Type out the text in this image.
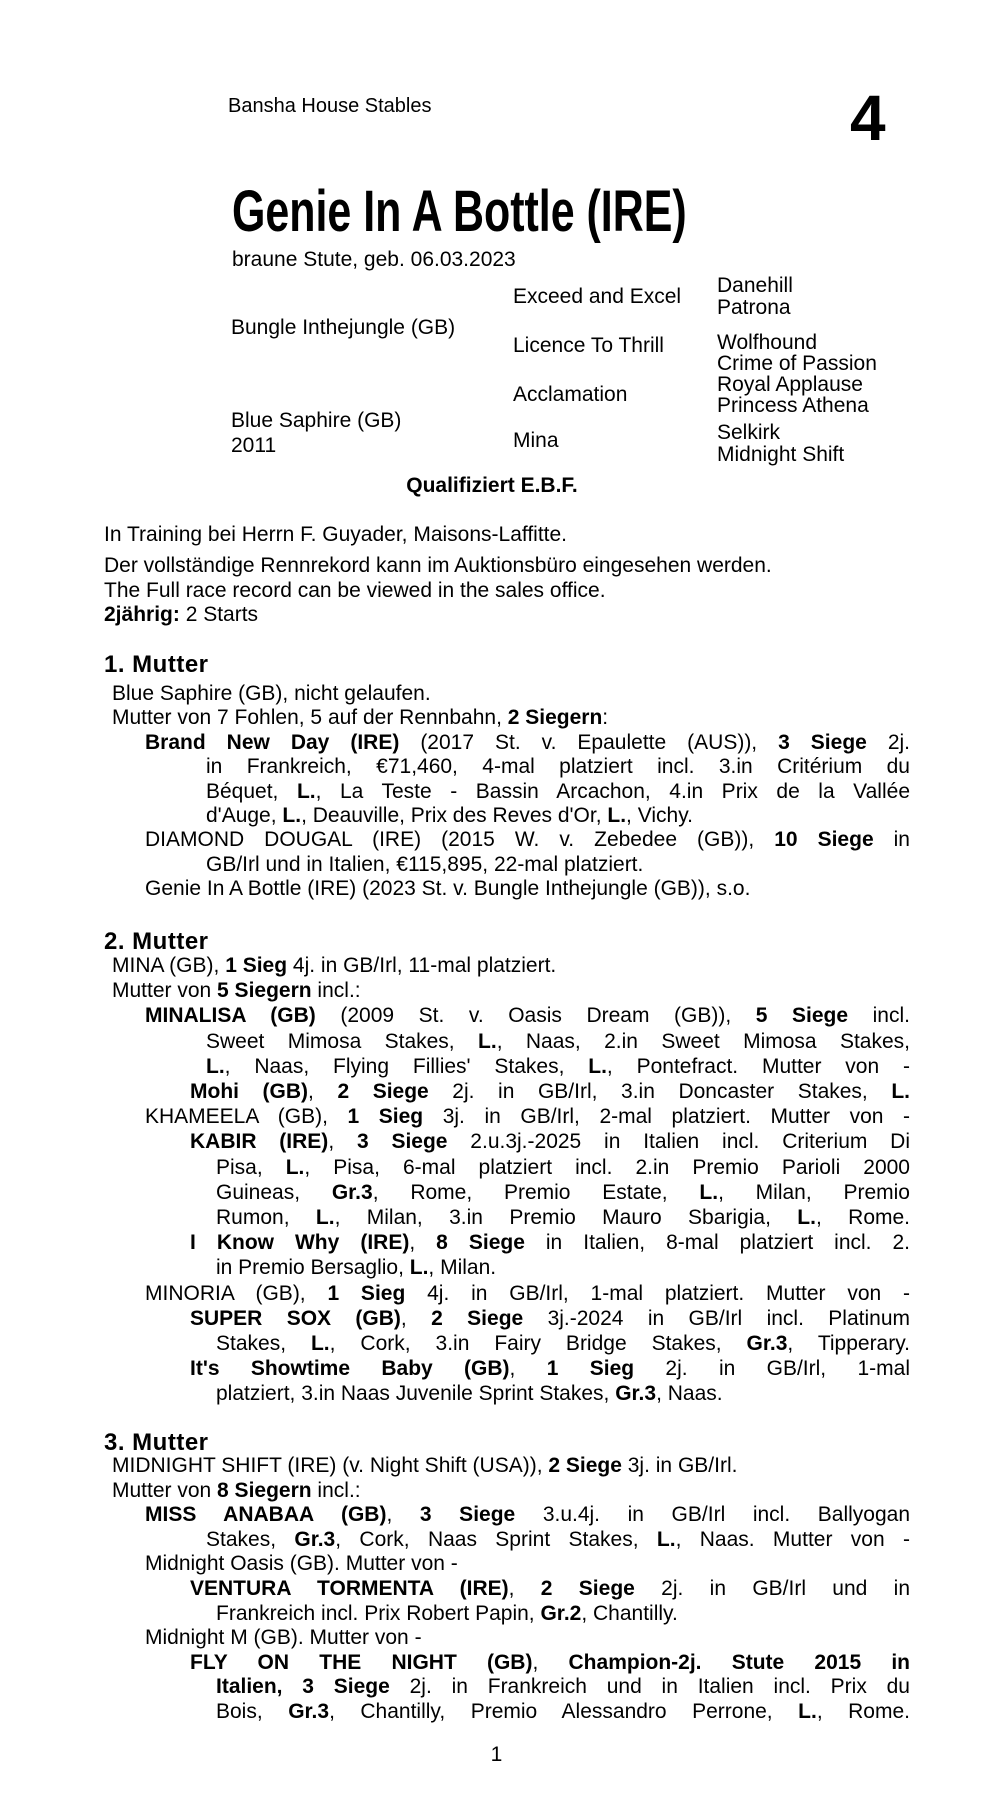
Bansha House Stables	4
Genie In A Bottle (IRE)
braune Stute, geb. 06.03.2023
Bungle Inthejungle (GB)
Blue Saphire (GB)
2011
Exceed and Excel
Licence To Thrill
Acclamation
Mina
Danehill
Patrona
Wolfhound
Crime of Passion
Royal Applause
Princess Athena
Selkirk
Midnight Shift
Qualifiziert E.B.F.
In Training bei Herrn F. Guyader, Maisons-Laffitte.
Der vollständige Rennrekord kann im Auktionsbüro eingesehen werden.
The Full race record can be viewed in the sales office.
2jährig: 2 Starts
1. Mutter
Blue Saphire (GB), nicht gelaufen.
Mutter von 7 Fohlen, 5 auf der Rennbahn, 2 Siegern:
Brand New Day (IRE) (2017 St. v. Epaulette (AUS)), 3 Siege 2j.
in Frankreich, €71,460, 4-mal platziert incl. 3.in Critérium du
Béquet, L., La Teste - Bassin Arcachon, 4.in Prix de la Vallée
d'Auge, L., Deauville, Prix des Reves d'Or, L., Vichy.
DIAMOND DOUGAL (IRE) (2015 W. v. Zebedee (GB)), 10 Siege in
GB/Irl und in Italien, €115,895, 22-mal platziert.
Genie In A Bottle (IRE) (2023 St. v. Bungle Inthejungle (GB)), s.o.
2. Mutter
MINA (GB), 1 Sieg 4j. in GB/Irl, 11-mal platziert.
Mutter von 5 Siegern incl.:
MINALISA (GB) (2009 St. v. Oasis Dream (GB)), 5 Siege incl.
Sweet Mimosa Stakes, L., Naas, 2.in Sweet Mimosa Stakes,
L., Naas, Flying Fillies' Stakes, L., Pontefract. Mutter von -
Mohi (GB), 2 Siege 2j. in GB/Irl, 3.in Doncaster Stakes, L.
KHAMEELA (GB), 1 Sieg 3j. in GB/Irl, 2-mal platziert. Mutter von -
KABIR (IRE), 3 Siege 2.u.3j.-2025 in Italien incl. Criterium Di
Pisa, L., Pisa, 6-mal platziert incl. 2.in Premio Parioli 2000
Guineas, Gr.3, Rome, Premio Estate, L., Milan, Premio
Rumon, L., Milan, 3.in Premio Mauro Sbarigia, L., Rome.
I Know Why (IRE), 8 Siege in Italien, 8-mal platziert incl. 2.
in Premio Bersaglio, L., Milan.
MINORIA (GB), 1 Sieg 4j. in GB/Irl, 1-mal platziert. Mutter von -
SUPER SOX (GB), 2 Siege 3j.-2024 in GB/Irl incl. Platinum
Stakes, L., Cork, 3.in Fairy Bridge Stakes, Gr.3, Tipperary.
It's Showtime Baby (GB), 1 Sieg 2j. in GB/Irl, 1-mal
platziert, 3.in Naas Juvenile Sprint Stakes, Gr.3, Naas.
3. Mutter
MIDNIGHT SHIFT (IRE) (v. Night Shift (USA)), 2 Siege 3j. in GB/Irl.
Mutter von 8 Siegern incl.:
MISS ANABAA (GB), 3 Siege 3.u.4j. in GB/Irl incl. Ballyogan
Stakes, Gr.3, Cork, Naas Sprint Stakes, L., Naas. Mutter von -
Midnight Oasis (GB). Mutter von -
VENTURA TORMENTA (IRE), 2 Siege 2j. in GB/Irl und in
Frankreich incl. Prix Robert Papin, Gr.2, Chantilly.
Midnight M (GB). Mutter von -
FLY ON THE NIGHT (GB), Champion-2j. Stute 2015 in
Italien, 3 Siege 2j. in Frankreich und in Italien incl. Prix du
Bois, Gr.3, Chantilly, Premio Alessandro Perrone, L., Rome.
1
